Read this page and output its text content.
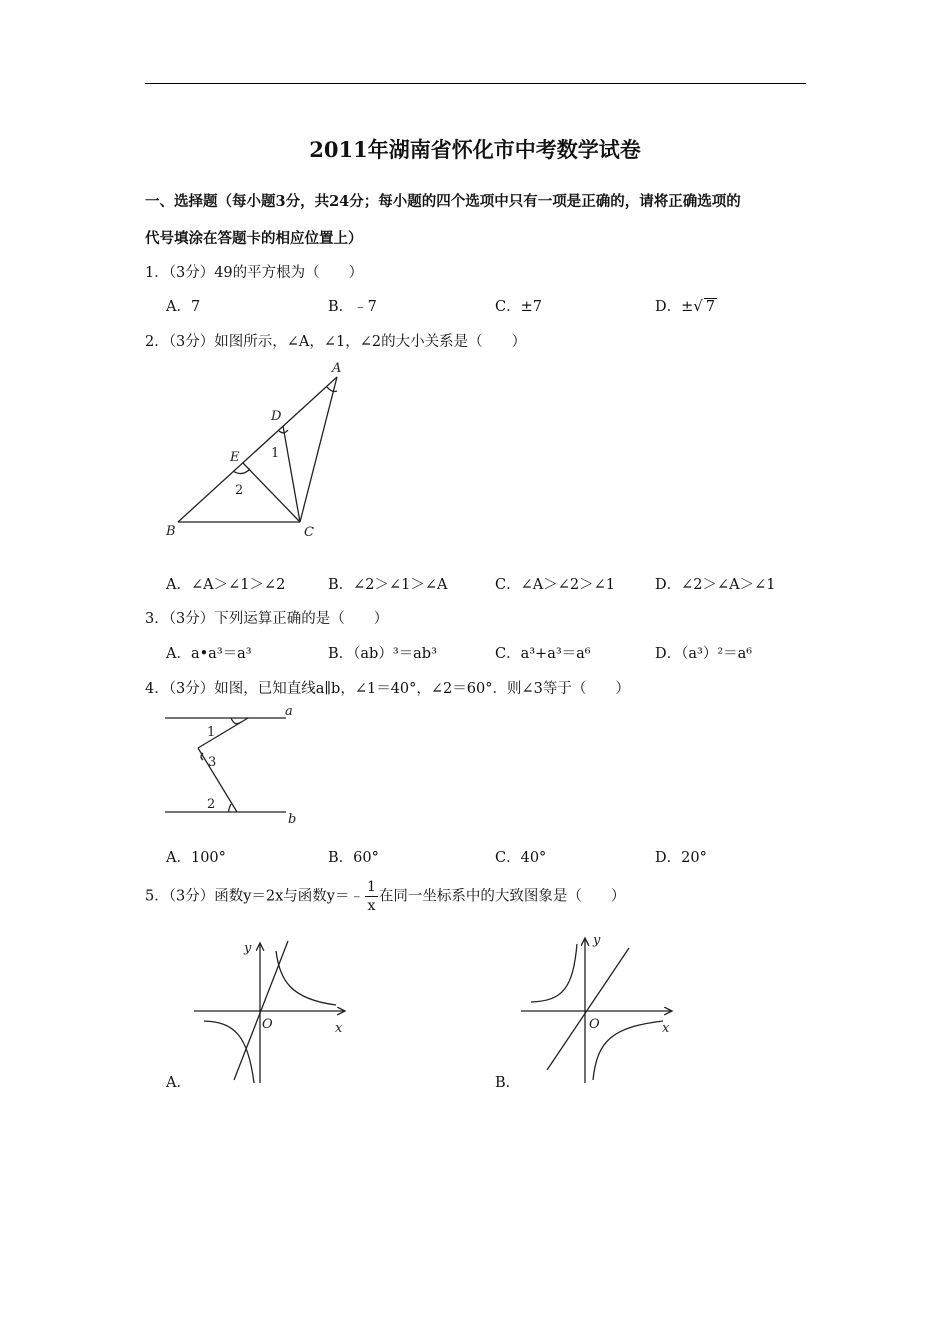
2011年湖南省怀化市中考数学试卷
一、选择题（每小题3分，共24分；每小题的四个选项中只有一项是正确的，请将正确选项的
代号填涂在答题卡的相应位置上）
1．（3分）49的平方根为（　　）
A．7	B．﹣7	C．±7	D．±√ 7
2．（3分）如图所示，∠A，∠1，∠2的大小关系是（　　）
A
D
E 1
2
B	C
A．∠A＞∠1＞∠2	B．∠2＞∠1＞∠A	C．∠A＞∠2＞∠1	D．∠2＞∠A＞∠1
3．（3分）下列运算正确的是（　　）
A．a•a³＝a³	B．（ab）³＝ab³	C．a³+a³＝a⁶	D．（a³）²＝a⁶
4．（3分）如图，已知直线a∥b，∠1＝40°，∠2＝60°．则∠3等于（　　）
a
1
3
2
b
A．100°	B．60°	C．40°	D．20°
5．（3分）函数y＝2x与函数y＝﹣ $\frac{1}{x}$ 在同一坐标系中的大致图象是（　　）
y
O	x
A．
y
O	x
B．
